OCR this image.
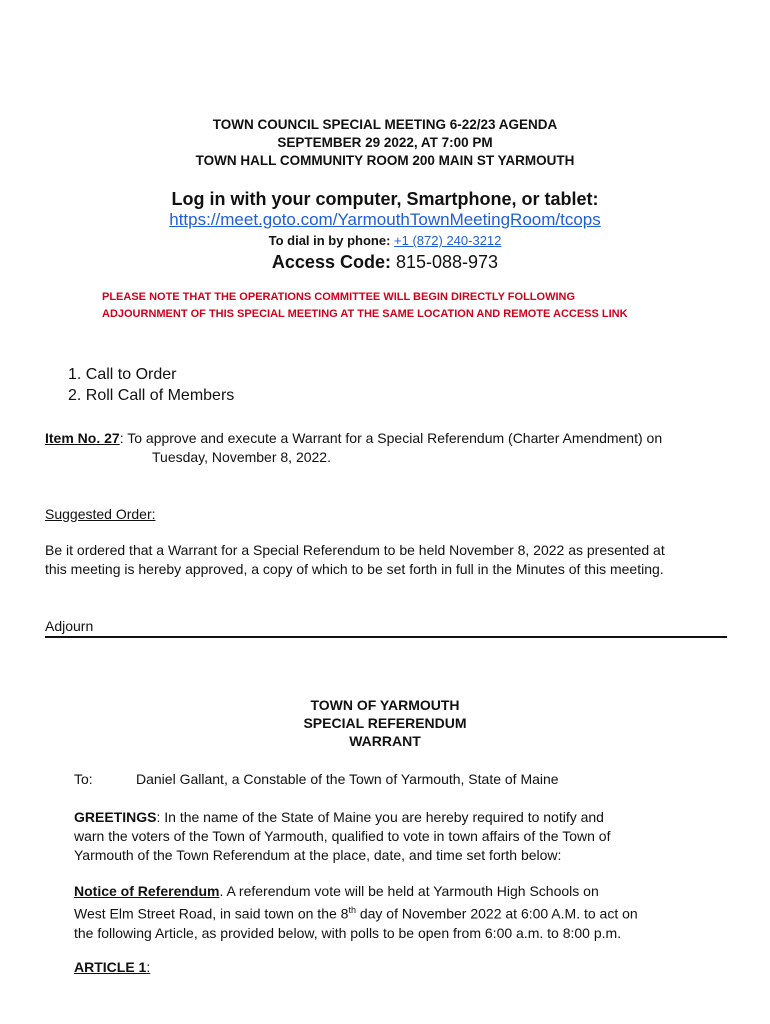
TOWN COUNCIL SPECIAL MEETING 6-22/23 AGENDA
SEPTEMBER 29 2022, AT 7:00 PM
TOWN HALL COMMUNITY ROOM 200 MAIN ST YARMOUTH
Log in with your computer, Smartphone, or tablet:
https://meet.goto.com/YarmouthTownMeetingRoom/tcops
To dial in by phone: +1 (872) 240-3212
Access Code: 815-088-973
PLEASE NOTE THAT THE OPERATIONS COMMITTEE WILL BEGIN DIRECTLY FOLLOWING
ADJOURNMENT OF THIS SPECIAL MEETING AT THE SAME LOCATION AND REMOTE ACCESS LINK
1. Call to Order
2. Roll Call of Members
Item No. 27: To approve and execute a Warrant for a Special Referendum (Charter Amendment) on
Tuesday, November 8, 2022.
Suggested Order:
Be it ordered that a Warrant for a Special Referendum to be held November 8, 2022 as presented at
this meeting is hereby approved, a copy of which to be set forth in full in the Minutes of this meeting.
Adjourn
TOWN OF YARMOUTH
SPECIAL REFERENDUM
WARRANT
To:	Daniel Gallant, a Constable of the Town of Yarmouth, State of Maine
GREETINGS: In the name of the State of Maine you are hereby required to notify and
warn the voters of the Town of Yarmouth, qualified to vote in town affairs of the Town of
Yarmouth of the Town Referendum at the place, date, and time set forth below:
Notice of Referendum. A referendum vote will be held at Yarmouth High Schools on
West Elm Street Road, in said town on the 8th day of November 2022 at 6:00 A.M. to act on
the following Article, as provided below, with polls to be open from 6:00 a.m. to 8:00 p.m.
ARTICLE 1:
